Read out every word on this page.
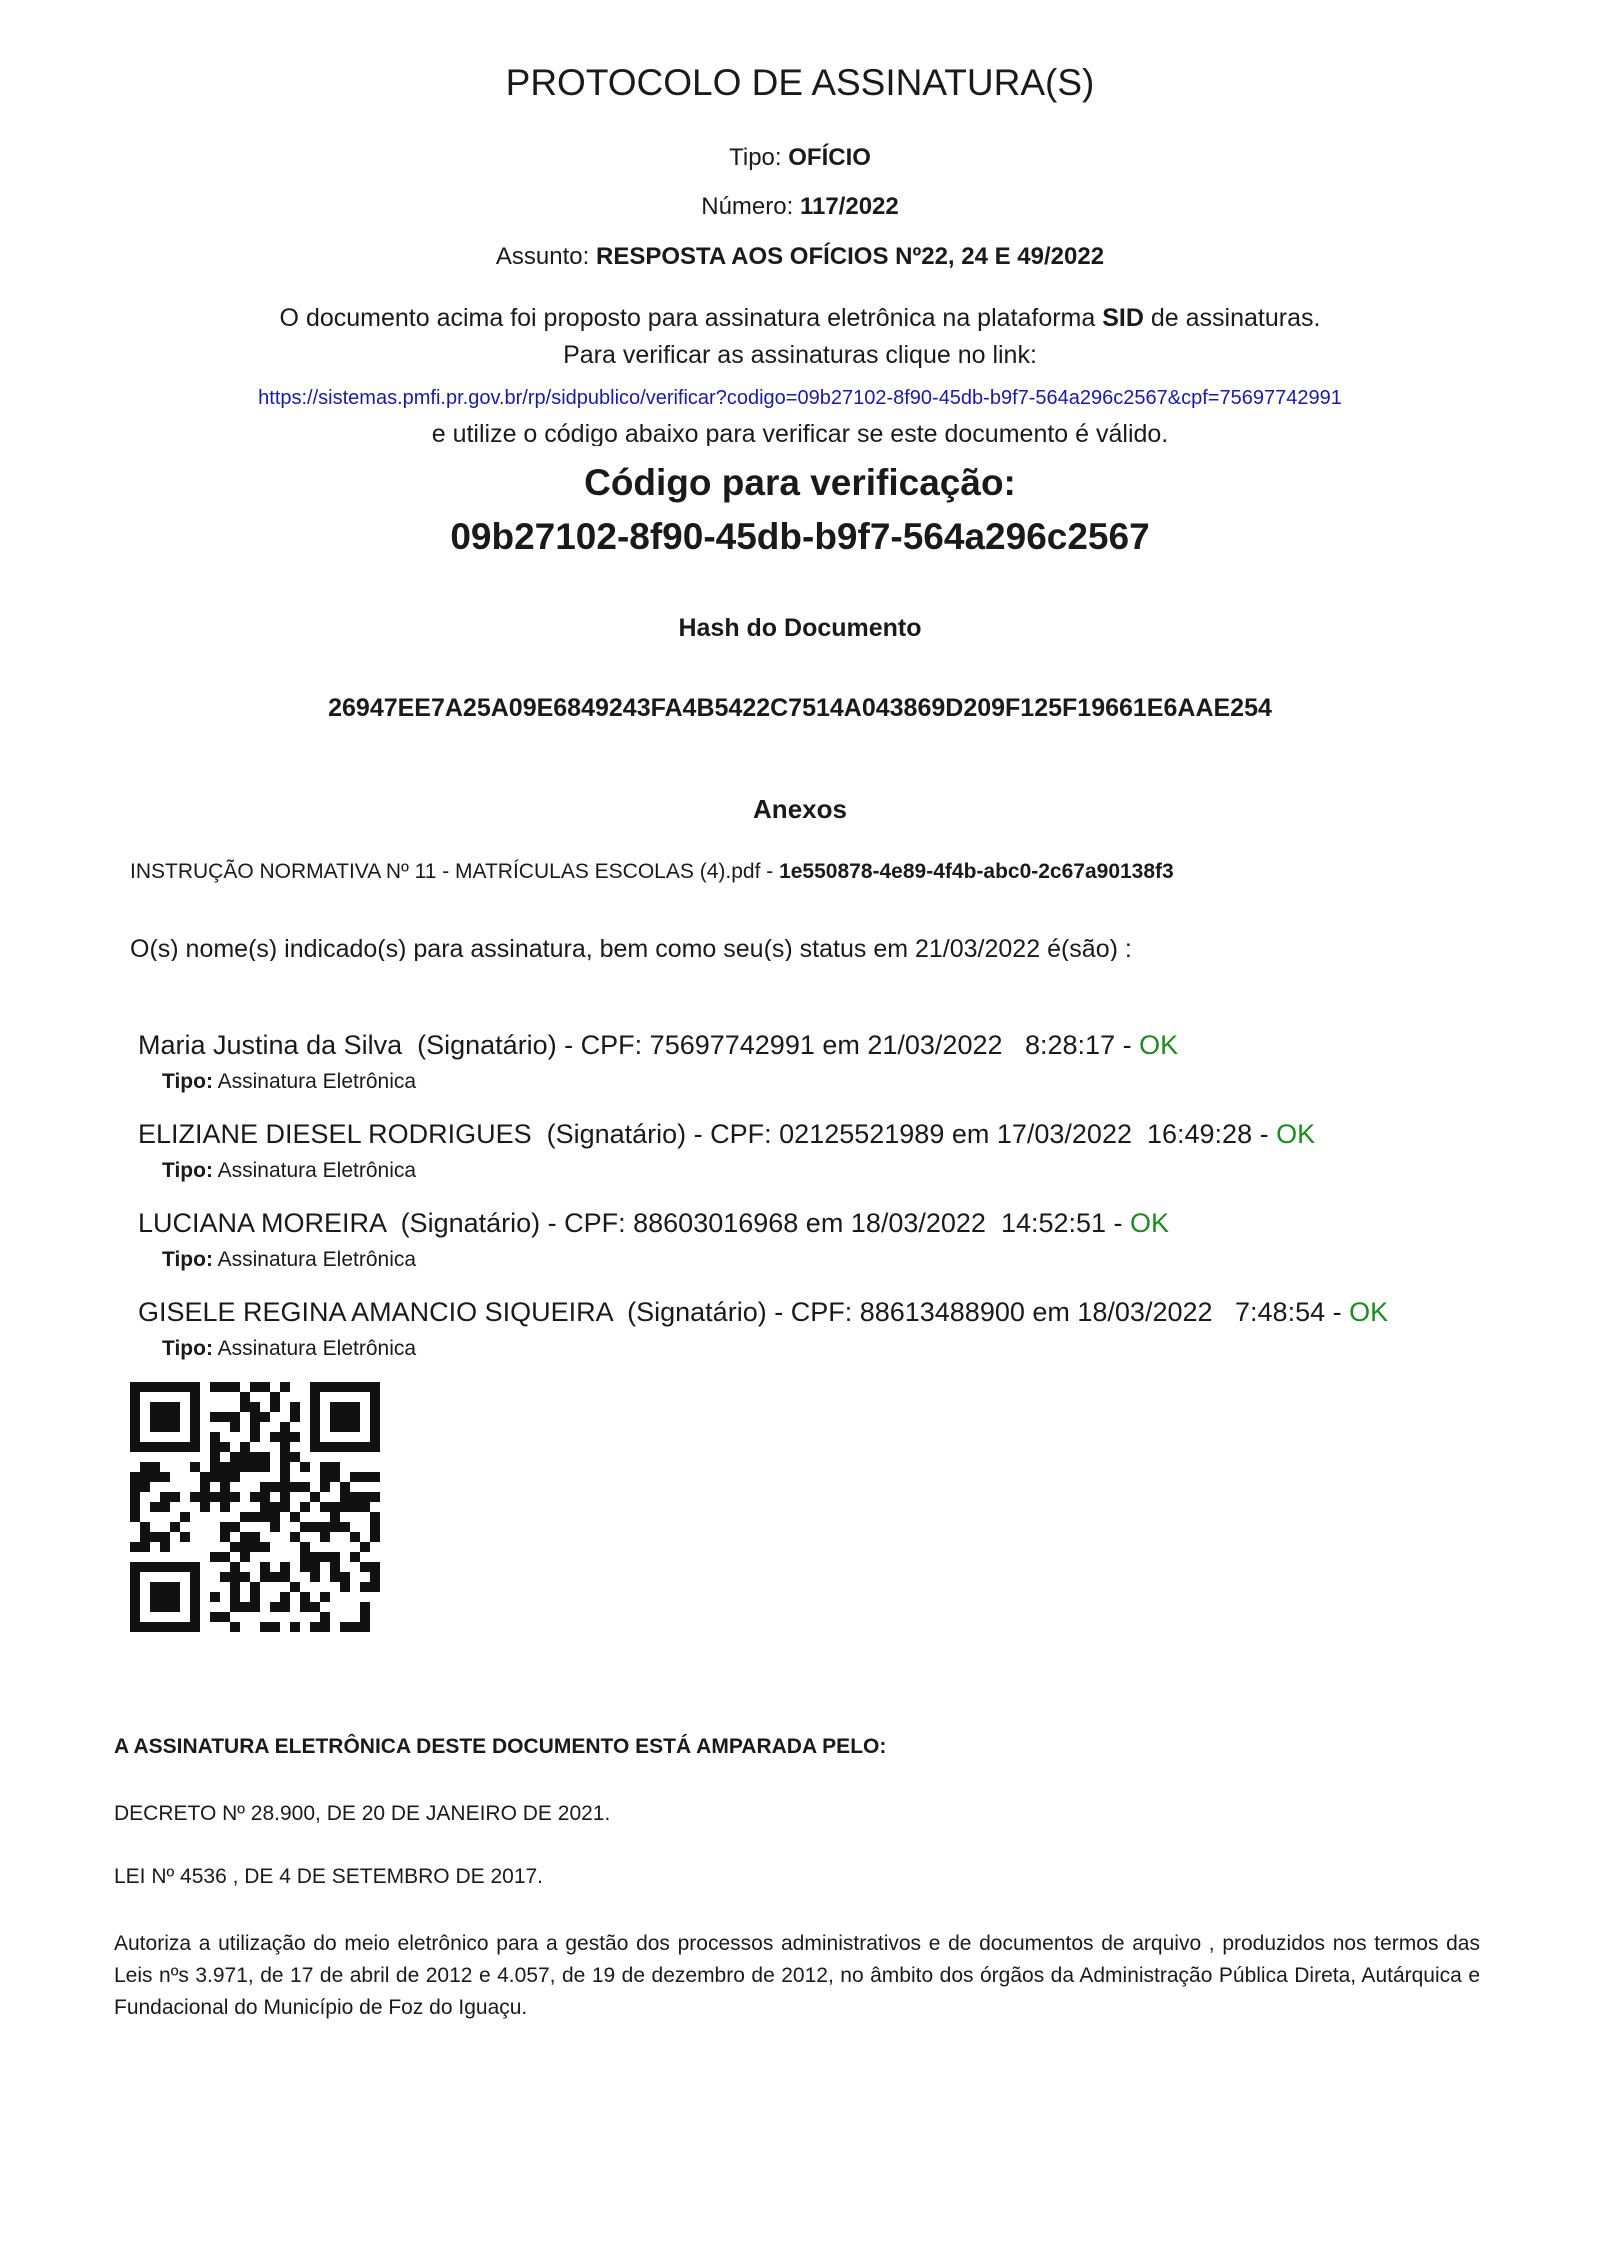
PROTOCOLO DE ASSINATURA(S)
Tipo: OFÍCIO
Número: 117/2022
Assunto: RESPOSTA AOS OFÍCIOS Nº22, 24 E 49/2022
O documento acima foi proposto para assinatura eletrônica na plataforma SID de assinaturas.
Para verificar as assinaturas clique no link:
https://sistemas.pmfi.pr.gov.br/rp/sidpublico/verificar?codigo=09b27102-8f90-45db-b9f7-564a296c2567&cpf=75697742991
e utilize o código abaixo para verificar se este documento é válido.
Código para verificação:
09b27102-8f90-45db-b9f7-564a296c2567
Hash do Documento
26947EE7A25A09E6849243FA4B5422C7514A043869D209F125F19661E6AAE254
Anexos
INSTRUÇÃO NORMATIVA Nº 11 - MATRÍCULAS ESCOLAS (4).pdf - 1e550878-4e89-4f4b-abc0-2c67a90138f3
O(s) nome(s) indicado(s) para assinatura, bem como seu(s) status em 21/03/2022 é(são) :
Maria Justina da Silva  (Signatário) - CPF: 75697742991 em 21/03/2022   8:28:17 - OK
Tipo: Assinatura Eletrônica
ELIZIANE DIESEL RODRIGUES  (Signatário) - CPF: 02125521989 em 17/03/2022  16:49:28 - OK
Tipo: Assinatura Eletrônica
LUCIANA MOREIRA  (Signatário) - CPF: 88603016968 em 18/03/2022  14:52:51 - OK
Tipo: Assinatura Eletrônica
GISELE REGINA AMANCIO SIQUEIRA  (Signatário) - CPF: 88613488900 em 18/03/2022   7:48:54 - OK
Tipo: Assinatura Eletrônica
A ASSINATURA ELETRÔNICA DESTE DOCUMENTO ESTÁ AMPARADA PELO:
DECRETO Nº 28.900, DE 20 DE JANEIRO DE 2021.
LEI Nº 4536 , DE 4 DE SETEMBRO DE 2017.
Autoriza a utilização do meio eletrônico para a gestão dos processos administrativos e de documentos de arquivo , produzidos nos termos das Leis nºs 3.971, de 17 de abril de 2012 e 4.057, de 19 de dezembro de 2012, no âmbito dos órgãos da Administração Pública Direta, Autárquica e Fundacional do Município de Foz do Iguaçu.
